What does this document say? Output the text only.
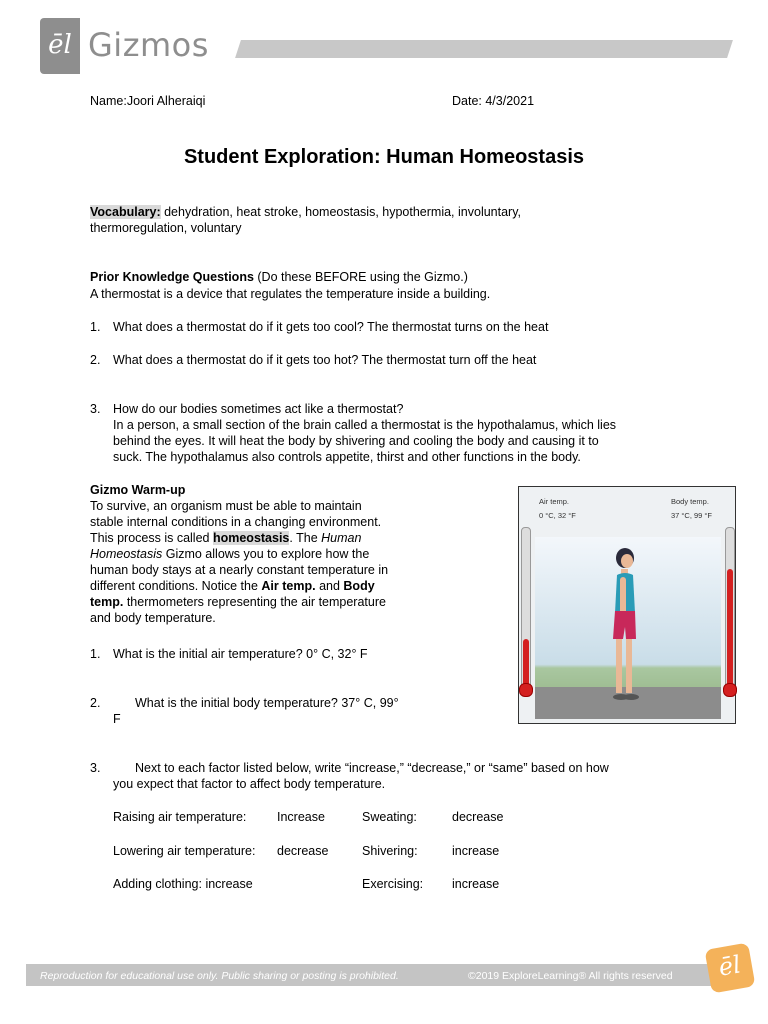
ēl Gizmos
Name:Joori Alheraiqi	Date: 4/3/2021
Student Exploration: Human Homeostasis
Vocabulary: dehydration, heat stroke, homeostasis, hypothermia, involuntary,
thermoregulation, voluntary
Prior Knowledge Questions (Do these BEFORE using the Gizmo.)
A thermostat is a device that regulates the temperature inside a building.
1. What does a thermostat do if it gets too cool? The thermostat turns on the heat
2. What does a thermostat do if it gets too hot? The thermostat turn off the heat
3. How do our bodies sometimes act like a thermostat?
In a person, a small section of the brain called a thermostat is the hypothalamus, which lies
behind the eyes. It will heat the body by shivering and cooling the body and causing it to
suck. The hypothalamus also controls appetite, thirst and other functions in the body.
Gizmo Warm-up
To survive, an organism must be able to maintain
stable internal conditions in a changing environment.
This process is called homeostasis. The Human
Homeostasis Gizmo allows you to explore how the
human body stays at a nearly constant temperature in
different conditions. Notice the Air temp. and Body
temp. thermometers representing the air temperature
and body temperature.
1. What is the initial air temperature? 0° C, 32° F
2.	What is the initial body temperature? 37° C, 99°
F
3.	Next to each factor listed below, write “increase,” “decrease,” or “same” based on how
you expect that factor to affect body temperature.
Raising air temperature: Increase	Sweating:	decrease
Lowering air temperature: decrease	Shivering:	increase
Adding clothing: increase	Exercising: increase
Air temp.
0 °C, 32 °F
Body temp.
37 °C, 99 °F
Reproduction for educational use only. Public sharing or posting is prohibited.	©2019 ExploreLearning® All rights reserved	ēl
